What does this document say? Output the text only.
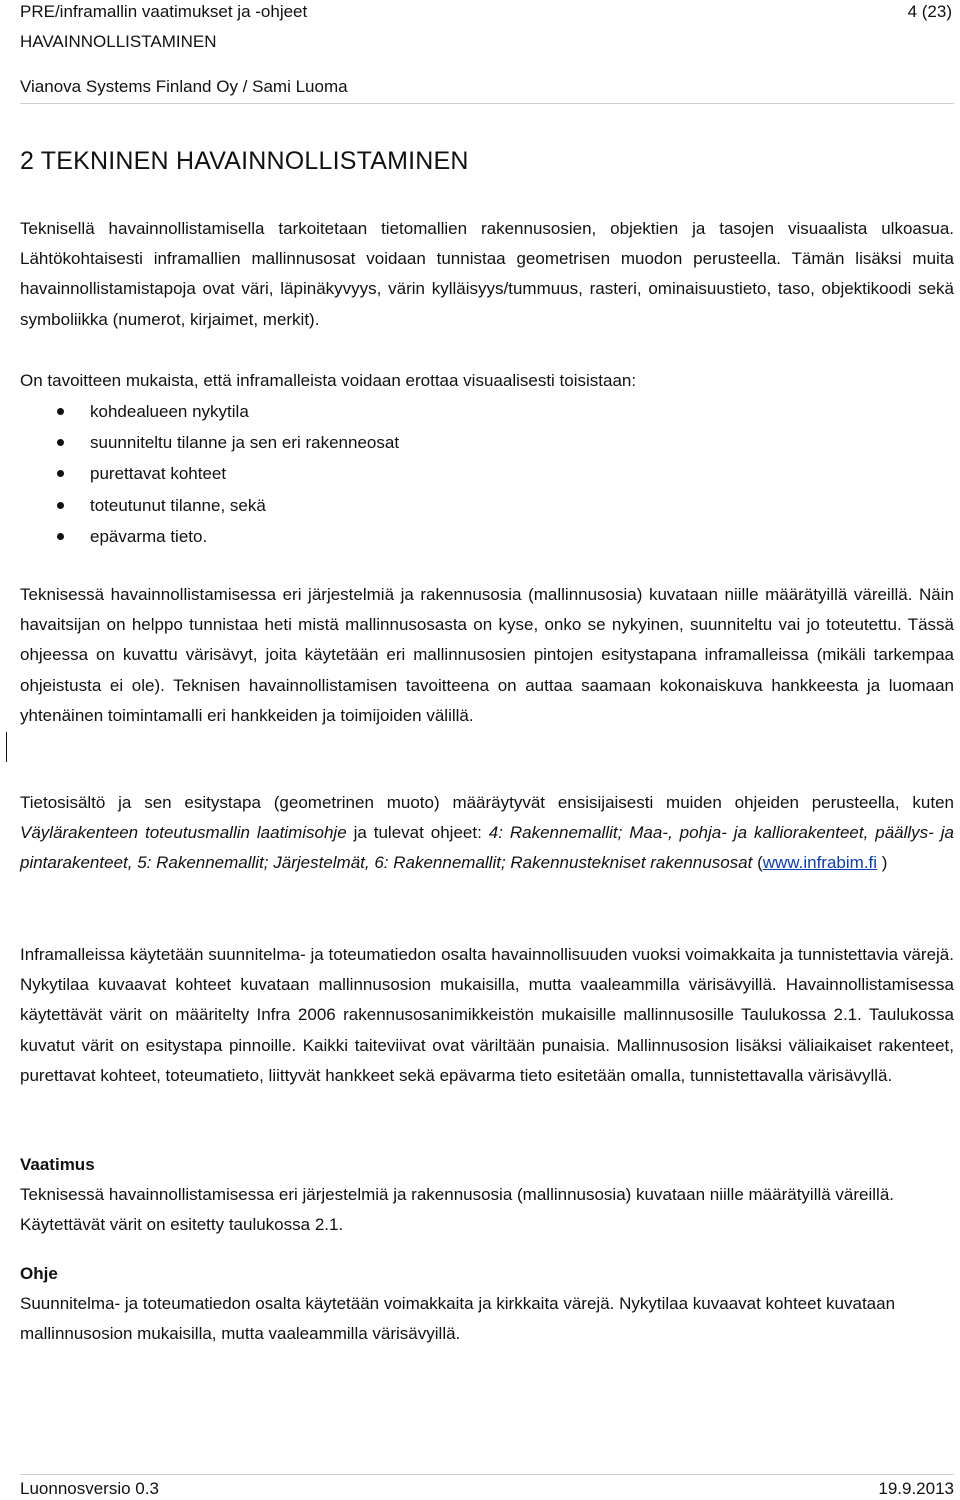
PRE/inframallin vaatimukset ja -ohjeet	4 (23)
HAVAINNOLLISTAMINEN
Vianova Systems Finland Oy / Sami Luoma
2 TEKNINEN HAVAINNOLLISTAMINEN

Teknisellä havainnollistamisella tarkoitetaan tietomallien rakennusosien, objektien ja tasojen visuaalista ulkoasua. Lähtökohtaisesti inframallien mallinnusosat voidaan tunnistaa geometrisen muodon perusteella. Tämän lisäksi muita havainnollistamistapoja ovat väri, läpinäkyvyys, värin kylläisyys/tummuus, rasteri, ominaisuustieto, taso, objektikoodi sekä symboliikka (numerot, kirjaimet, merkit).

On tavoitteen mukaista, että inframalleista voidaan erottaa visuaalisesti toisistaan:

kohdealueen nykytila
suunniteltu tilanne ja sen eri rakenneosat
purettavat kohteet
toteutunut tilanne, sekä
epävarma tieto.

Teknisessä havainnollistamisessa eri järjestelmiä ja rakennusosia (mallinnusosia) kuvataan niille määrätyillä väreillä. Näin havaitsijan on helppo tunnistaa heti mistä mallinnusosasta on kyse, onko se nykyinen, suunniteltu vai jo toteutettu. Tässä ohjeessa on kuvattu värisävyt, joita käytetään eri mallinnusosien pintojen esitystapana inframalleissa (mikäli tarkempaa ohjeistusta ei ole). Teknisen havainnollistamisen tavoitteena on auttaa saamaan kokonaiskuva hankkeesta ja luomaan yhtenäinen toimintamalli eri hankkeiden ja toimijoiden välillä.

Tietosisältö ja sen esitystapa (geometrinen muoto) määräytyvät ensisijaisesti muiden ohjeiden perusteella, kuten Väylärakenteen toteutusmallin laatimisohje ja tulevat ohjeet: 4: Rakennemallit; Maa-, pohja- ja kalliorakenteet, päällys- ja pintarakenteet, 5: Rakennemallit; Järjestelmät, 6: Rakennemallit; Rakennustekniset rakennusosat (www.infrabim.fi )

Inframalleissa käytetään suunnitelma- ja toteumatiedon osalta havainnollisuuden vuoksi voimakkaita ja tunnistettavia värejä. Nykytilaa kuvaavat kohteet kuvataan mallinnusosion mukaisilla, mutta vaaleammilla värisävyillä. Havainnollistamisessa käytettävät värit on määritelty Infra 2006 rakennusosanimikkeistön mukaisille mallinnusosille Taulukossa 2.1. Taulukossa kuvatut värit on esitystapa pinnoille. Kaikki taiteviivat ovat väriltään punaisia. Mallinnusosion lisäksi väliaikaiset rakenteet, purettavat kohteet, toteumatieto, liittyvät hankkeet sekä epävarma tieto esitetään omalla, tunnistettavalla värisävyllä.

Vaatimus

Teknisessä havainnollistamisessa eri järjestelmiä ja rakennusosia (mallinnusosia) kuvataan niille määrätyillä väreillä. Käytettävät värit on esitetty taulukossa 2.1.

Ohje

Suunnitelma- ja toteumatiedon osalta käytetään voimakkaita ja kirkkaita värejä. Nykytilaa kuvaavat kohteet kuvataan mallinnusosion mukaisilla, mutta vaaleammilla värisävyillä.

Luonnosversio 0.3	19.9.2013
